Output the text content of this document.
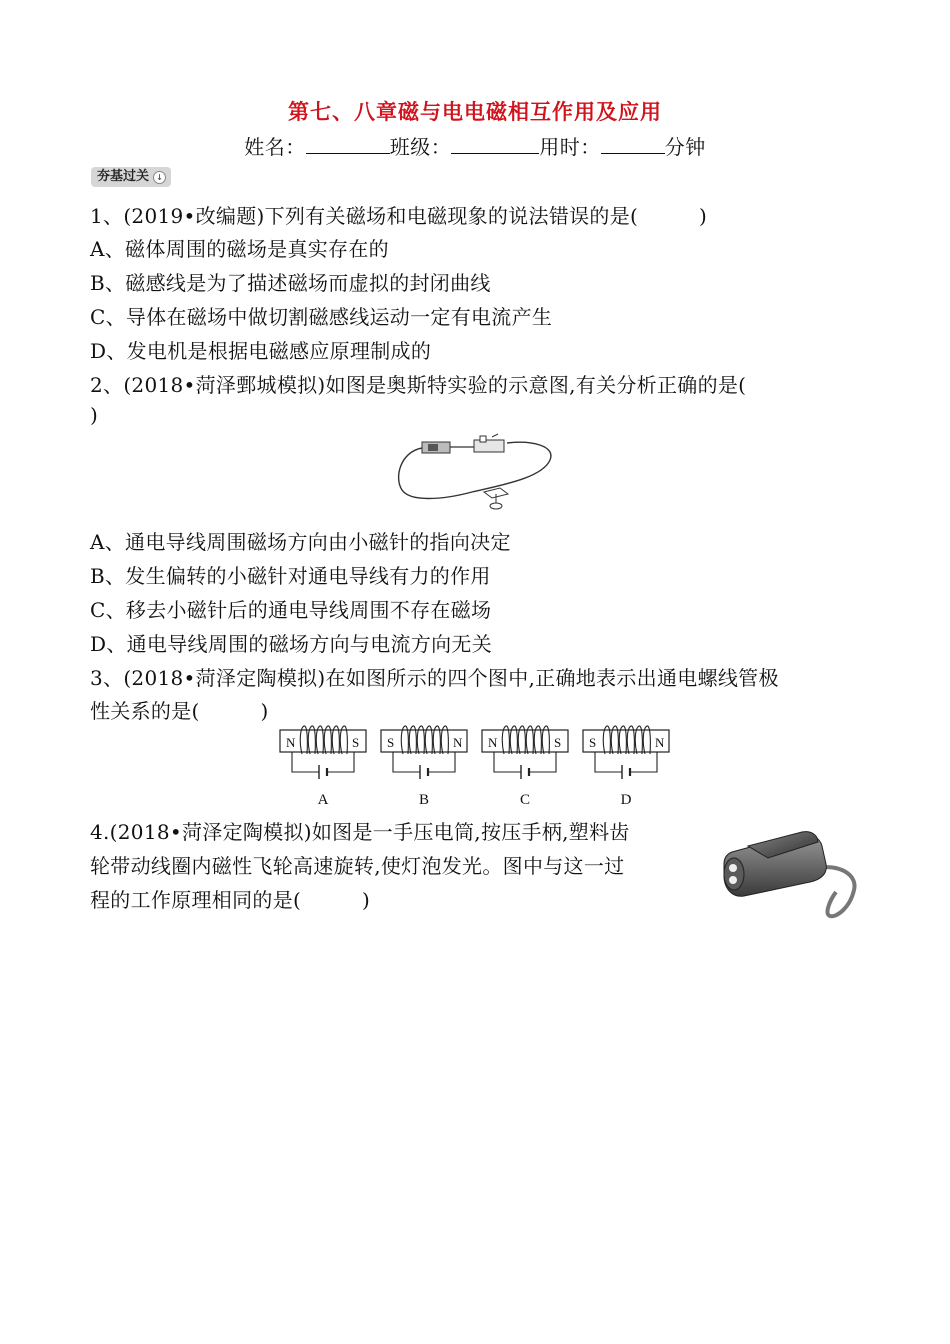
第七、八章磁与电电磁相互作用及应用
姓名：	班级：	用时：	分钟
夯基过关 ↓
1、(2019•改编题)下列有关磁场和电磁现象的说法错误的是(　　　)
A、磁体周围的磁场是真实存在的
B、磁感线是为了描述磁场而虚拟的封闭曲线
C、导体在磁场中做切割磁感线运动一定有电流产生
D、发电机是根据电磁感应原理制成的
2、(2018•菏泽鄄城模拟)如图是奥斯特实验的示意图,有关分析正确的是(
)
A、通电导线周围磁场方向由小磁针的指向决定
B、发生偏转的小磁针对通电导线有力的作用
C、移去小磁针后的通电导线周围不存在磁场
D、通电导线周围的磁场方向与电流方向无关
3、(2018•菏泽定陶模拟)在如图所示的四个图中,正确地表示出通电螺线管极
性关系的是(　　　)
N	S
A
S	N
B
N	S
C
S	N
D
4.(2018•菏泽定陶模拟)如图是一手压电筒,按压手柄,塑料齿
轮带动线圈内磁性飞轮高速旋转,使灯泡发光。图中与这一过
程的工作原理相同的是(　　　)
